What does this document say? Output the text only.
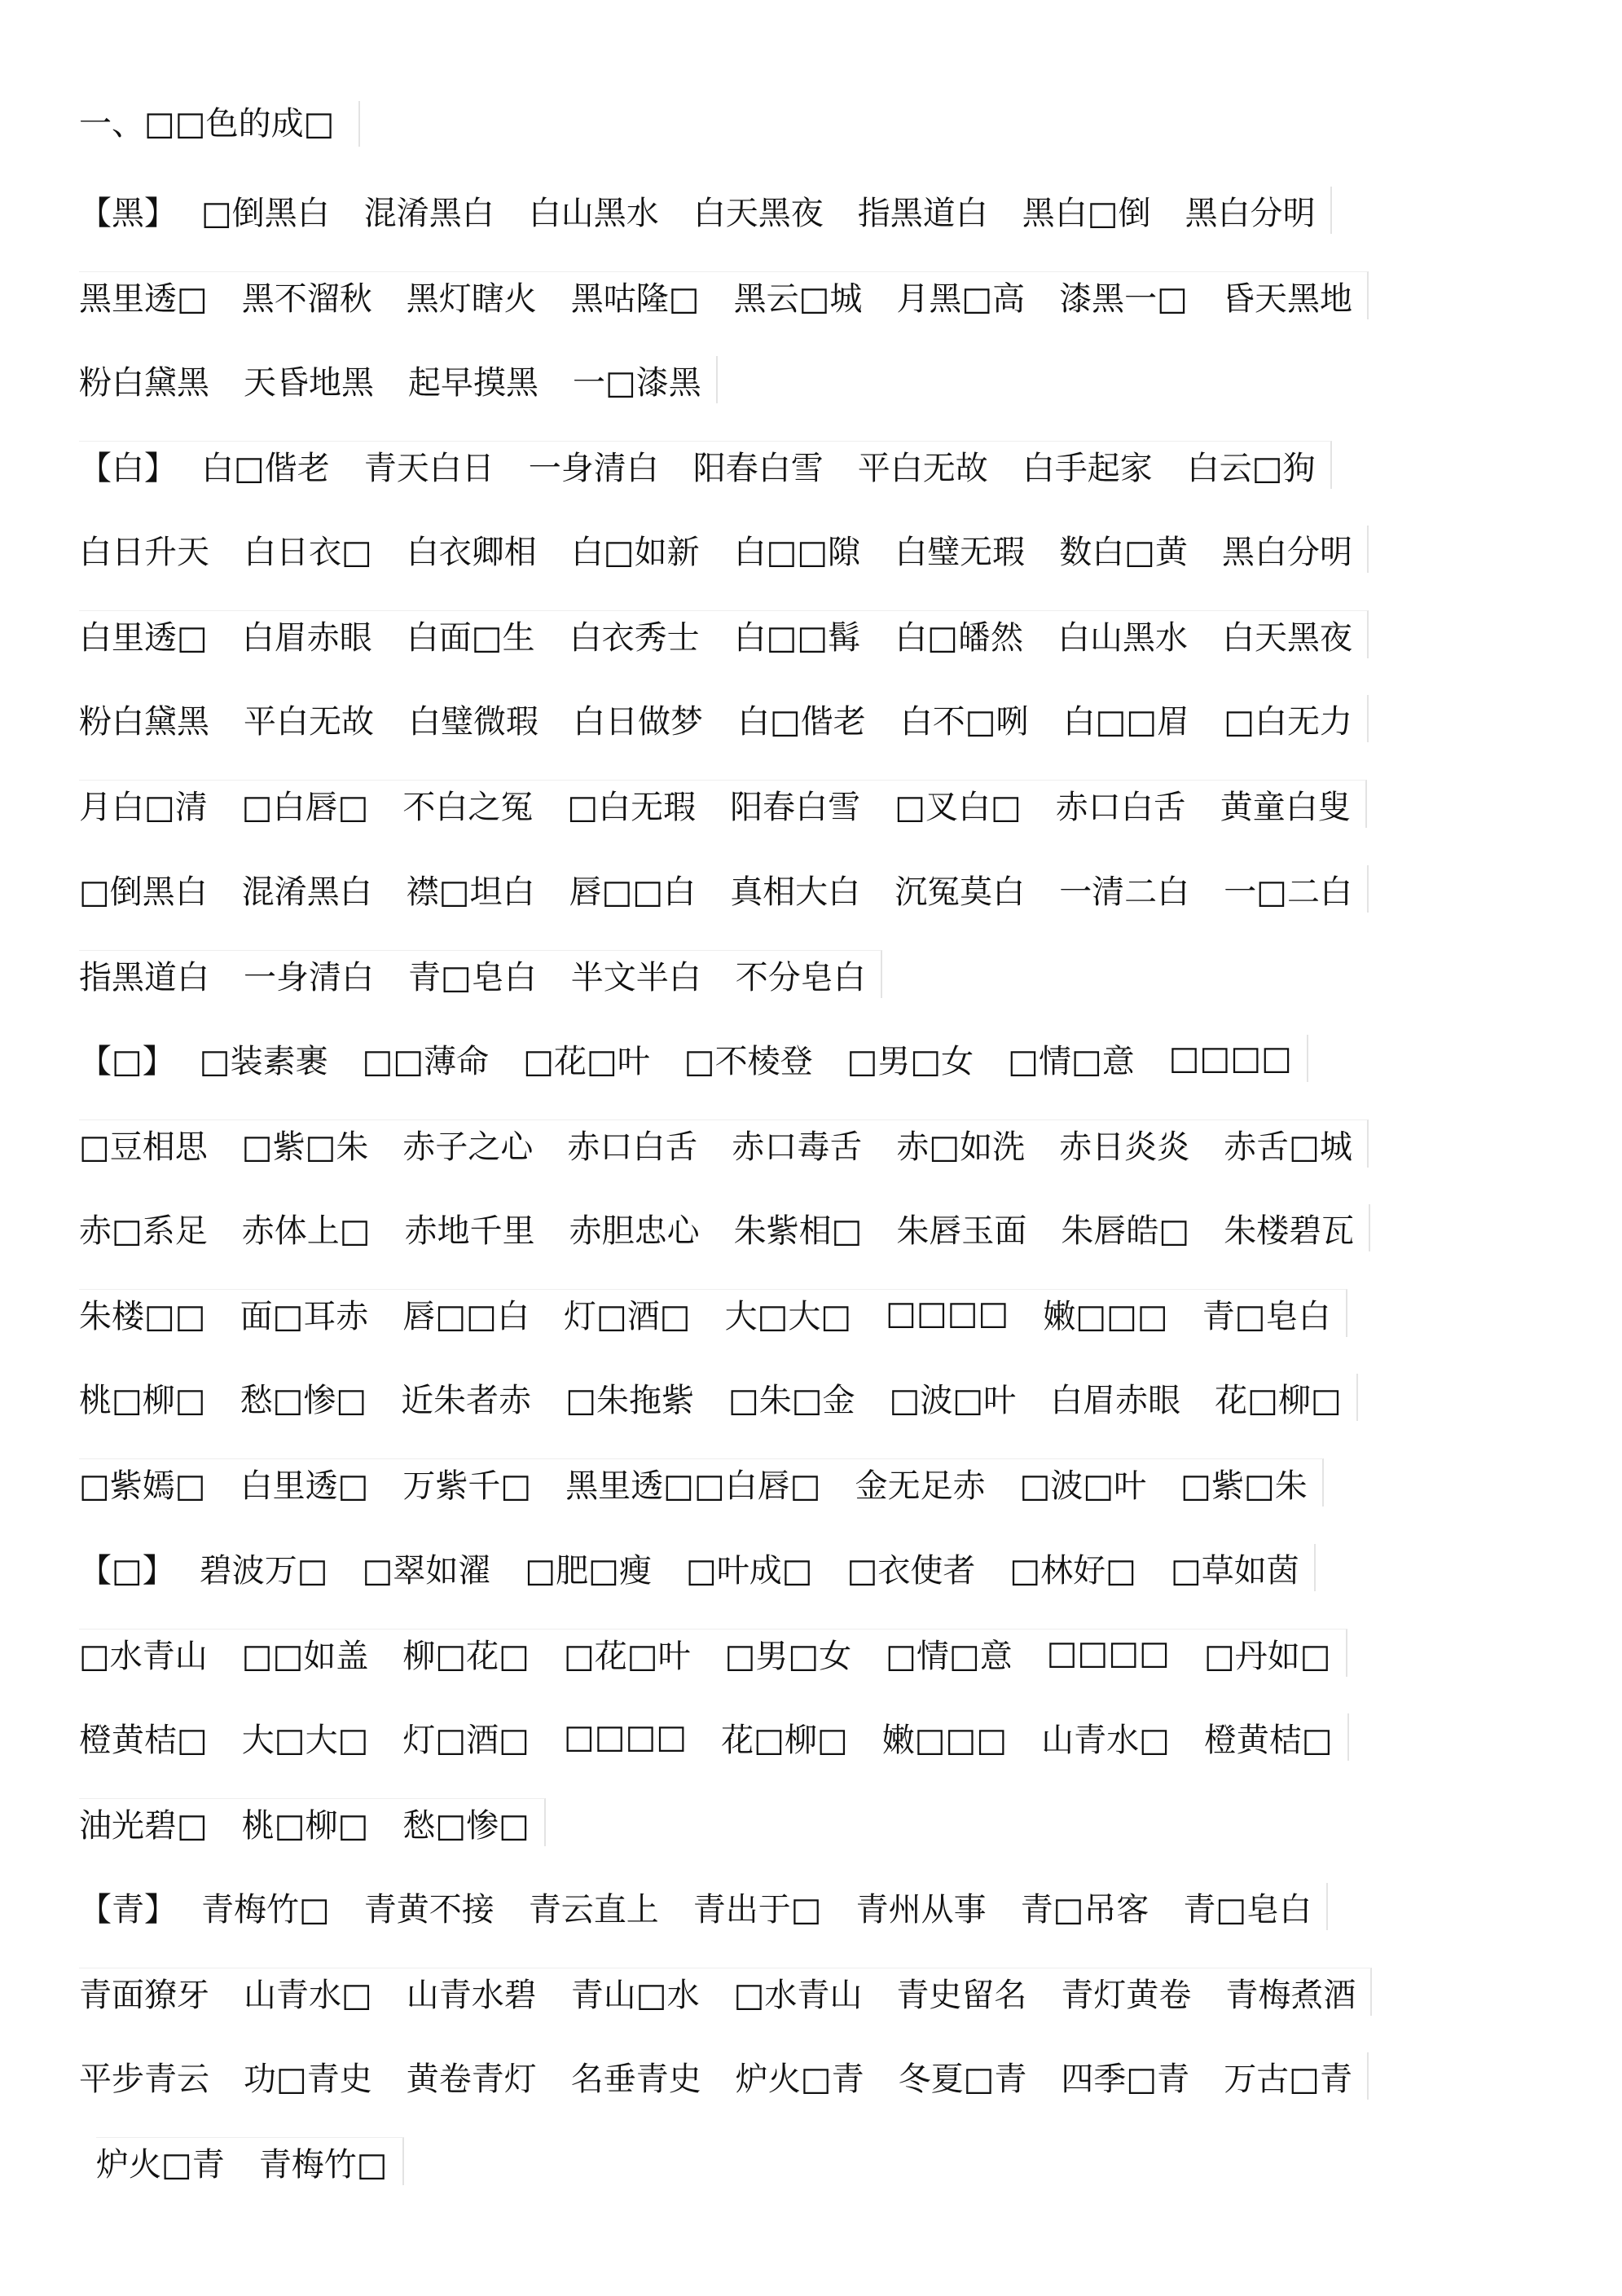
一、□□色的成□
【黑】 □倒黑白 混淆黑白 白山黑水 白天黑夜 指黑道白 黑白□倒 黑白分明
黑里透□ 黑不溜秋 黑灯瞎火 黑咕隆□ 黑云□城 月黑□高 漆黑一□ 昏天黑地
粉白黛黑 天昏地黑 起早摸黑 一□漆黑
【白】 白□偕老 青天白日 一身清白 阳春白雪 平白无故 白手起家 白云□狗
白日升天 白日衣□ 白衣卿相 白□如新 白□□隙 白璧无瑕 数白□黄 黑白分明
白里透□ 白眉赤眼 白面□生 白衣秀士 白□□髯 白□皤然 白山黑水 白天黑夜
粉白黛黑 平白无故 白璧微瑕 白日做梦 白□偕老 白不□咧 白□□眉 □白无力
月白□清 □白唇□ 不白之冤 □白无瑕 阳春白雪 □叉白□ 赤口白舌 黄童白叟
□倒黑白 混淆黑白 襟□坦白 唇□□白 真相大白 沉冤莫白 一清二白 一□二白
指黑道白 一身清白 青□皂白 半文半白 不分皂白
【□】 □装素裹 □□薄命 □花□叶 □不棱登 □男□女 □情□意 □□□□
□豆相思 □紫□朱 赤子之心 赤口白舌 赤口毒舌 赤□如洗 赤日炎炎 赤舌□城
赤□系足 赤体上□ 赤地千里 赤胆忠心 朱紫相□ 朱唇玉面 朱唇皓□ 朱楼碧瓦
朱楼□□ 面□耳赤 唇□□白 灯□酒□ 大□大□ □□□□ 嫩□□□ 青□皂白
桃□柳□ 愁□惨□ 近朱者赤 □朱拖紫 □朱□金 □波□叶 白眉赤眼 花□柳□
□紫嫣□ 白里透□ 万紫千□ 黑里透□□白唇□ 金无足赤 □波□叶 □紫□朱
【□】 碧波万□ □翠如濯 □肥□瘦 □叶成□ □衣使者 □林好□ □草如茵
□水青山 □□如盖 柳□花□ □花□叶 □男□女 □情□意 □□□□ □丹如□
橙黄桔□ 大□大□ 灯□酒□ □□□□ 花□柳□ 嫩□□□ 山青水□ 橙黄桔□
油光碧□ 桃□柳□ 愁□惨□
【青】 青梅竹□ 青黄不接 青云直上 青出于□ 青州从事 青□吊客 青□皂白
青面獠牙 山青水□ 山青水碧 青山□水 □水青山 青史留名 青灯黄卷 青梅煮酒
平步青云 功□青史 黄卷青灯 名垂青史 炉火□青 冬夏□青 四季□青 万古□青
炉火□青 青梅竹□
